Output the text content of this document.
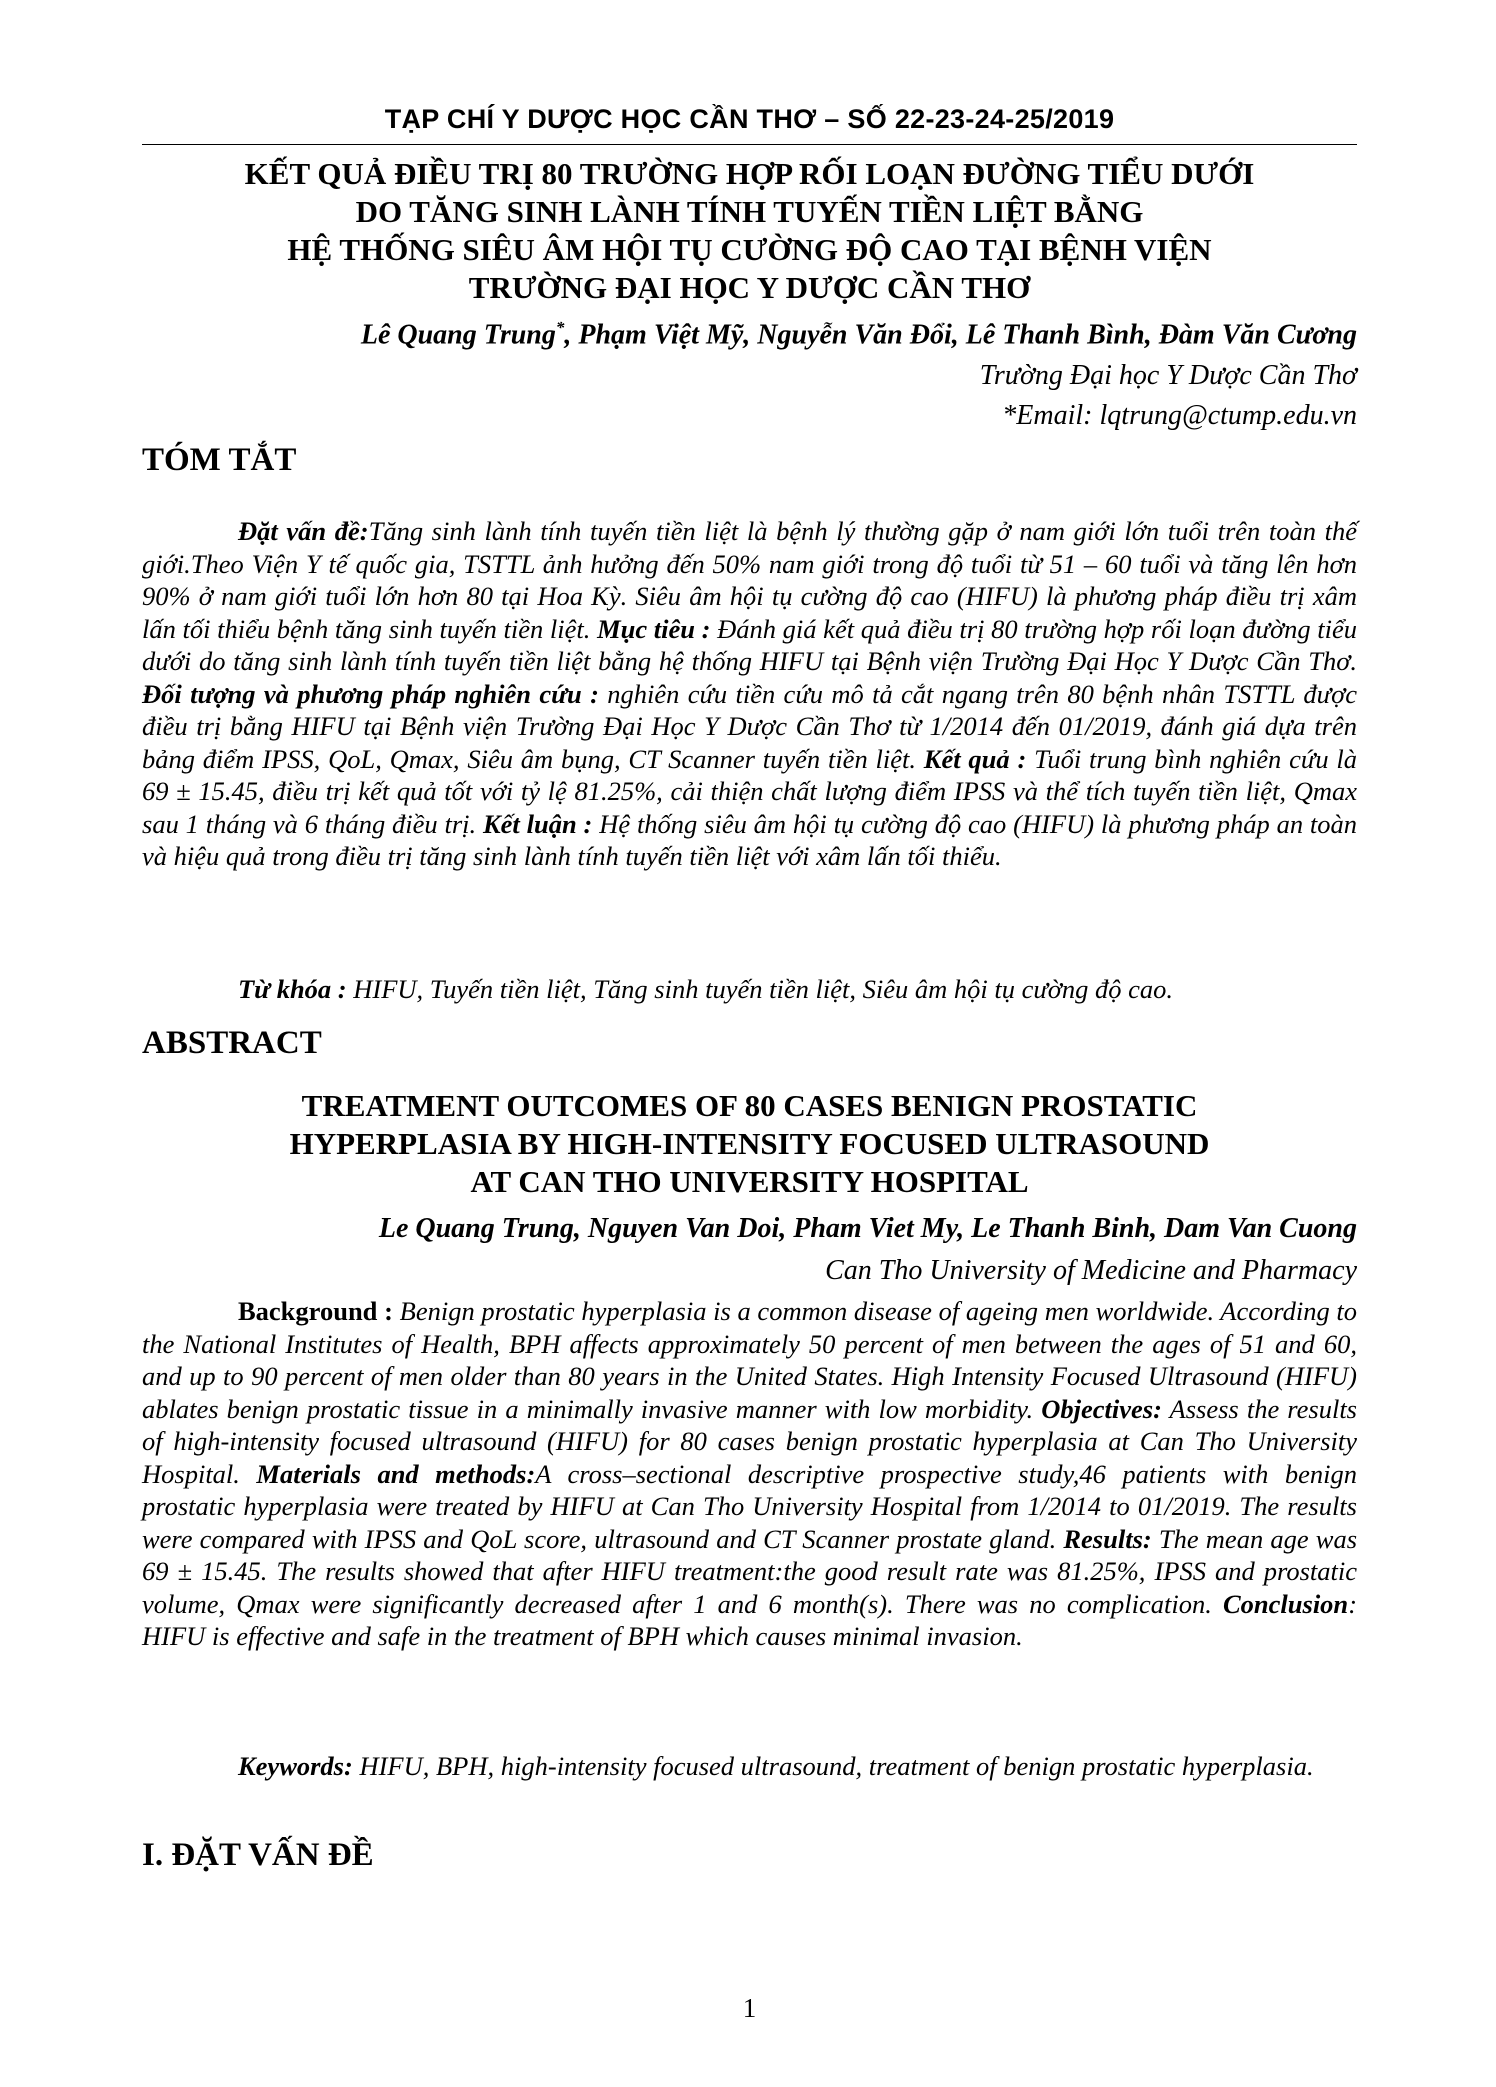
TẠP CHÍ Y DƯỢC HỌC CẦN THƠ – SỐ 22-23-24-25/2019
KẾT QUẢ ĐIỀU TRỊ 80 TRƯỜNG HỢP RỐI LOẠN ĐƯỜNG TIỂU DƯỚI
DO TĂNG SINH LÀNH TÍNH TUYẾN TIỀN LIỆT BẰNG
HỆ THỐNG SIÊU ÂM HỘI TỤ CƯỜNG ĐỘ CAO TẠI BỆNH VIỆN
TRƯỜNG ĐẠI HỌC Y DƯỢC CẦN THƠ
Lê Quang Trung*, Phạm Việt Mỹ, Nguyễn Văn Đổi, Lê Thanh Bình, Đàm Văn Cương
Trường Đại học Y Dược Cần Thơ
*Email: lqtrung@ctump.edu.vn
TÓM TẮT
Đặt vấn đề:Tăng sinh lành tính tuyến tiền liệt là bệnh lý thường gặp ở nam giới lớn tuổi trên toàn thế giới.Theo Viện Y tế quốc gia, TSTTL ảnh hưởng đến 50% nam giới trong độ tuổi từ 51 – 60 tuổi và tăng lên hơn 90% ở nam giới tuổi lớn hơn 80 tại Hoa Kỳ. Siêu âm hội tụ cường độ cao (HIFU) là phương pháp điều trị xâm lấn tối thiểu bệnh tăng sinh tuyến tiền liệt. Mục tiêu : Đánh giá kết quả điều trị 80 trường hợp rối loạn đường tiểu dưới do tăng sinh lành tính tuyến tiền liệt bằng hệ thống HIFU tại Bệnh viện Trường Đại Học Y Dược Cần Thơ. Đối tượng và phương pháp nghiên cứu : nghiên cứu tiền cứu mô tả cắt ngang trên 80 bệnh nhân TSTTL được điều trị bằng HIFU tại Bệnh viện Trường Đại Học Y Dược Cần Thơ từ 1/2014 đến 01/2019, đánh giá dựa trên bảng điểm IPSS, QoL, Qmax, Siêu âm bụng, CT Scanner tuyến tiền liệt. Kết quả : Tuổi trung bình nghiên cứu là 69 ± 15.45, điều trị kết quả tốt với tỷ lệ 81.25%, cải thiện chất lượng điểm IPSS và thể tích tuyến tiền liệt, Qmax sau 1 tháng và 6 tháng điều trị. Kết luận : Hệ thống siêu âm hội tụ cường độ cao (HIFU) là phương pháp an toàn và hiệu quả trong điều trị tăng sinh lành tính tuyến tiền liệt với xâm lấn tối thiểu.
Từ khóa : HIFU, Tuyến tiền liệt, Tăng sinh tuyến tiền liệt, Siêu âm hội tụ cường độ cao.
ABSTRACT
TREATMENT OUTCOMES OF 80 CASES BENIGN PROSTATIC
HYPERPLASIA BY HIGH-INTENSITY FOCUSED ULTRASOUND
AT CAN THO UNIVERSITY HOSPITAL
Le Quang Trung, Nguyen Van Doi, Pham Viet My, Le Thanh Binh, Dam Van Cuong
Can Tho University of Medicine and Pharmacy
Background : Benign prostatic hyperplasia is a common disease of ageing men worldwide. According to the National Institutes of Health, BPH affects approximately 50 percent of men between the ages of 51 and 60, and up to 90 percent of men older than 80 years in the United States. High Intensity Focused Ultrasound (HIFU) ablates benign prostatic tissue in a minimally invasive manner with low morbidity. Objectives: Assess the results of high-intensity focused ultrasound (HIFU) for 80 cases benign prostatic hyperplasia at Can Tho University Hospital. Materials and methods:A cross–sectional descriptive prospective study,46 patients with benign prostatic hyperplasia were treated by HIFU at Can Tho University Hospital from 1/2014 to 01/2019. The results were compared with IPSS and QoL score, ultrasound and CT Scanner prostate gland. Results: The mean age was 69 ± 15.45. The results showed that after HIFU treatment:the good result rate was 81.25%, IPSS and prostatic volume, Qmax were significantly decreased after 1 and 6 month(s). There was no complication. Conclusion: HIFU is effective and safe in the treatment of BPH which causes minimal invasion.
Keywords: HIFU, BPH, high-intensity focused ultrasound, treatment of benign prostatic hyperplasia.
I. ĐẶT VẤN ĐỀ
1
